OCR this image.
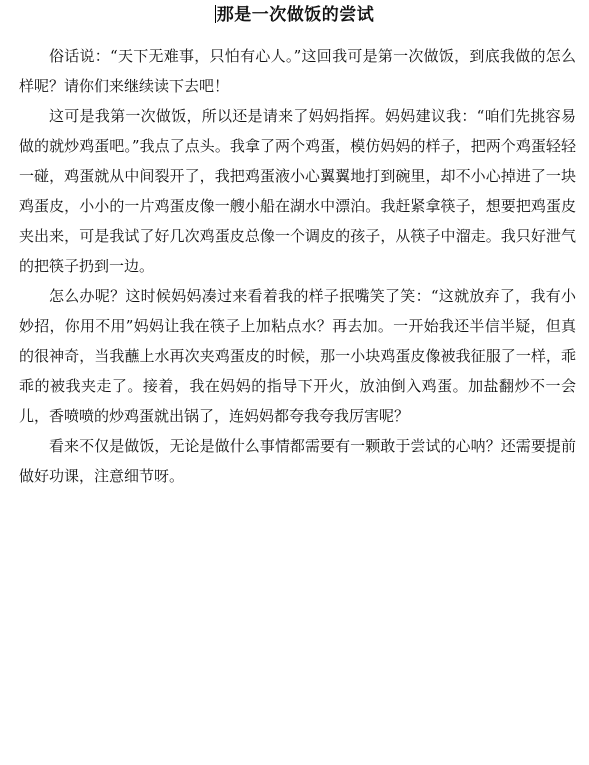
那是一次做饭的尝试

俗话说：“天下无难事，只怕有心人。”这回我可是第一次做饭，到底我做的怎么样呢？请你们来继续读下去吧！

这可是我第一次做饭，所以还是请来了妈妈指挥。妈妈建议我：“咱们先挑容易做的就炒鸡蛋吧。”我点了点头。我拿了两个鸡蛋，模仿妈妈的样子，把两个鸡蛋轻轻一碰，鸡蛋就从中间裂开了，我把鸡蛋液小心翼翼地打到碗里，却不小心掉进了一块鸡蛋皮，小小的一片鸡蛋皮像一艘小船在湖水中漂泊。我赶紧拿筷子，想要把鸡蛋皮夹出来，可是我试了好几次鸡蛋皮总像一个调皮的孩子，从筷子中溜走。我只好泄气的把筷子扔到一边。

怎么办呢？这时候妈妈凑过来看着我的样子抿嘴笑了笑：“这就放弃了，我有小妙招，你用不用”妈妈让我在筷子上加粘点水？再去加。一开始我还半信半疑，但真的很神奇，当我蘸上水再次夹鸡蛋皮的时候，那一小块鸡蛋皮像被我征服了一样，乖乖的被我夹走了。接着，我在妈妈的指导下开火，放油倒入鸡蛋。加盐翻炒不一会儿，香喷喷的炒鸡蛋就出锅了，连妈妈都夸我夸我厉害呢？

看来不仅是做饭，无论是做什么事情都需要有一颗敢于尝试的心呐？还需要提前做好功课，注意细节呀。
